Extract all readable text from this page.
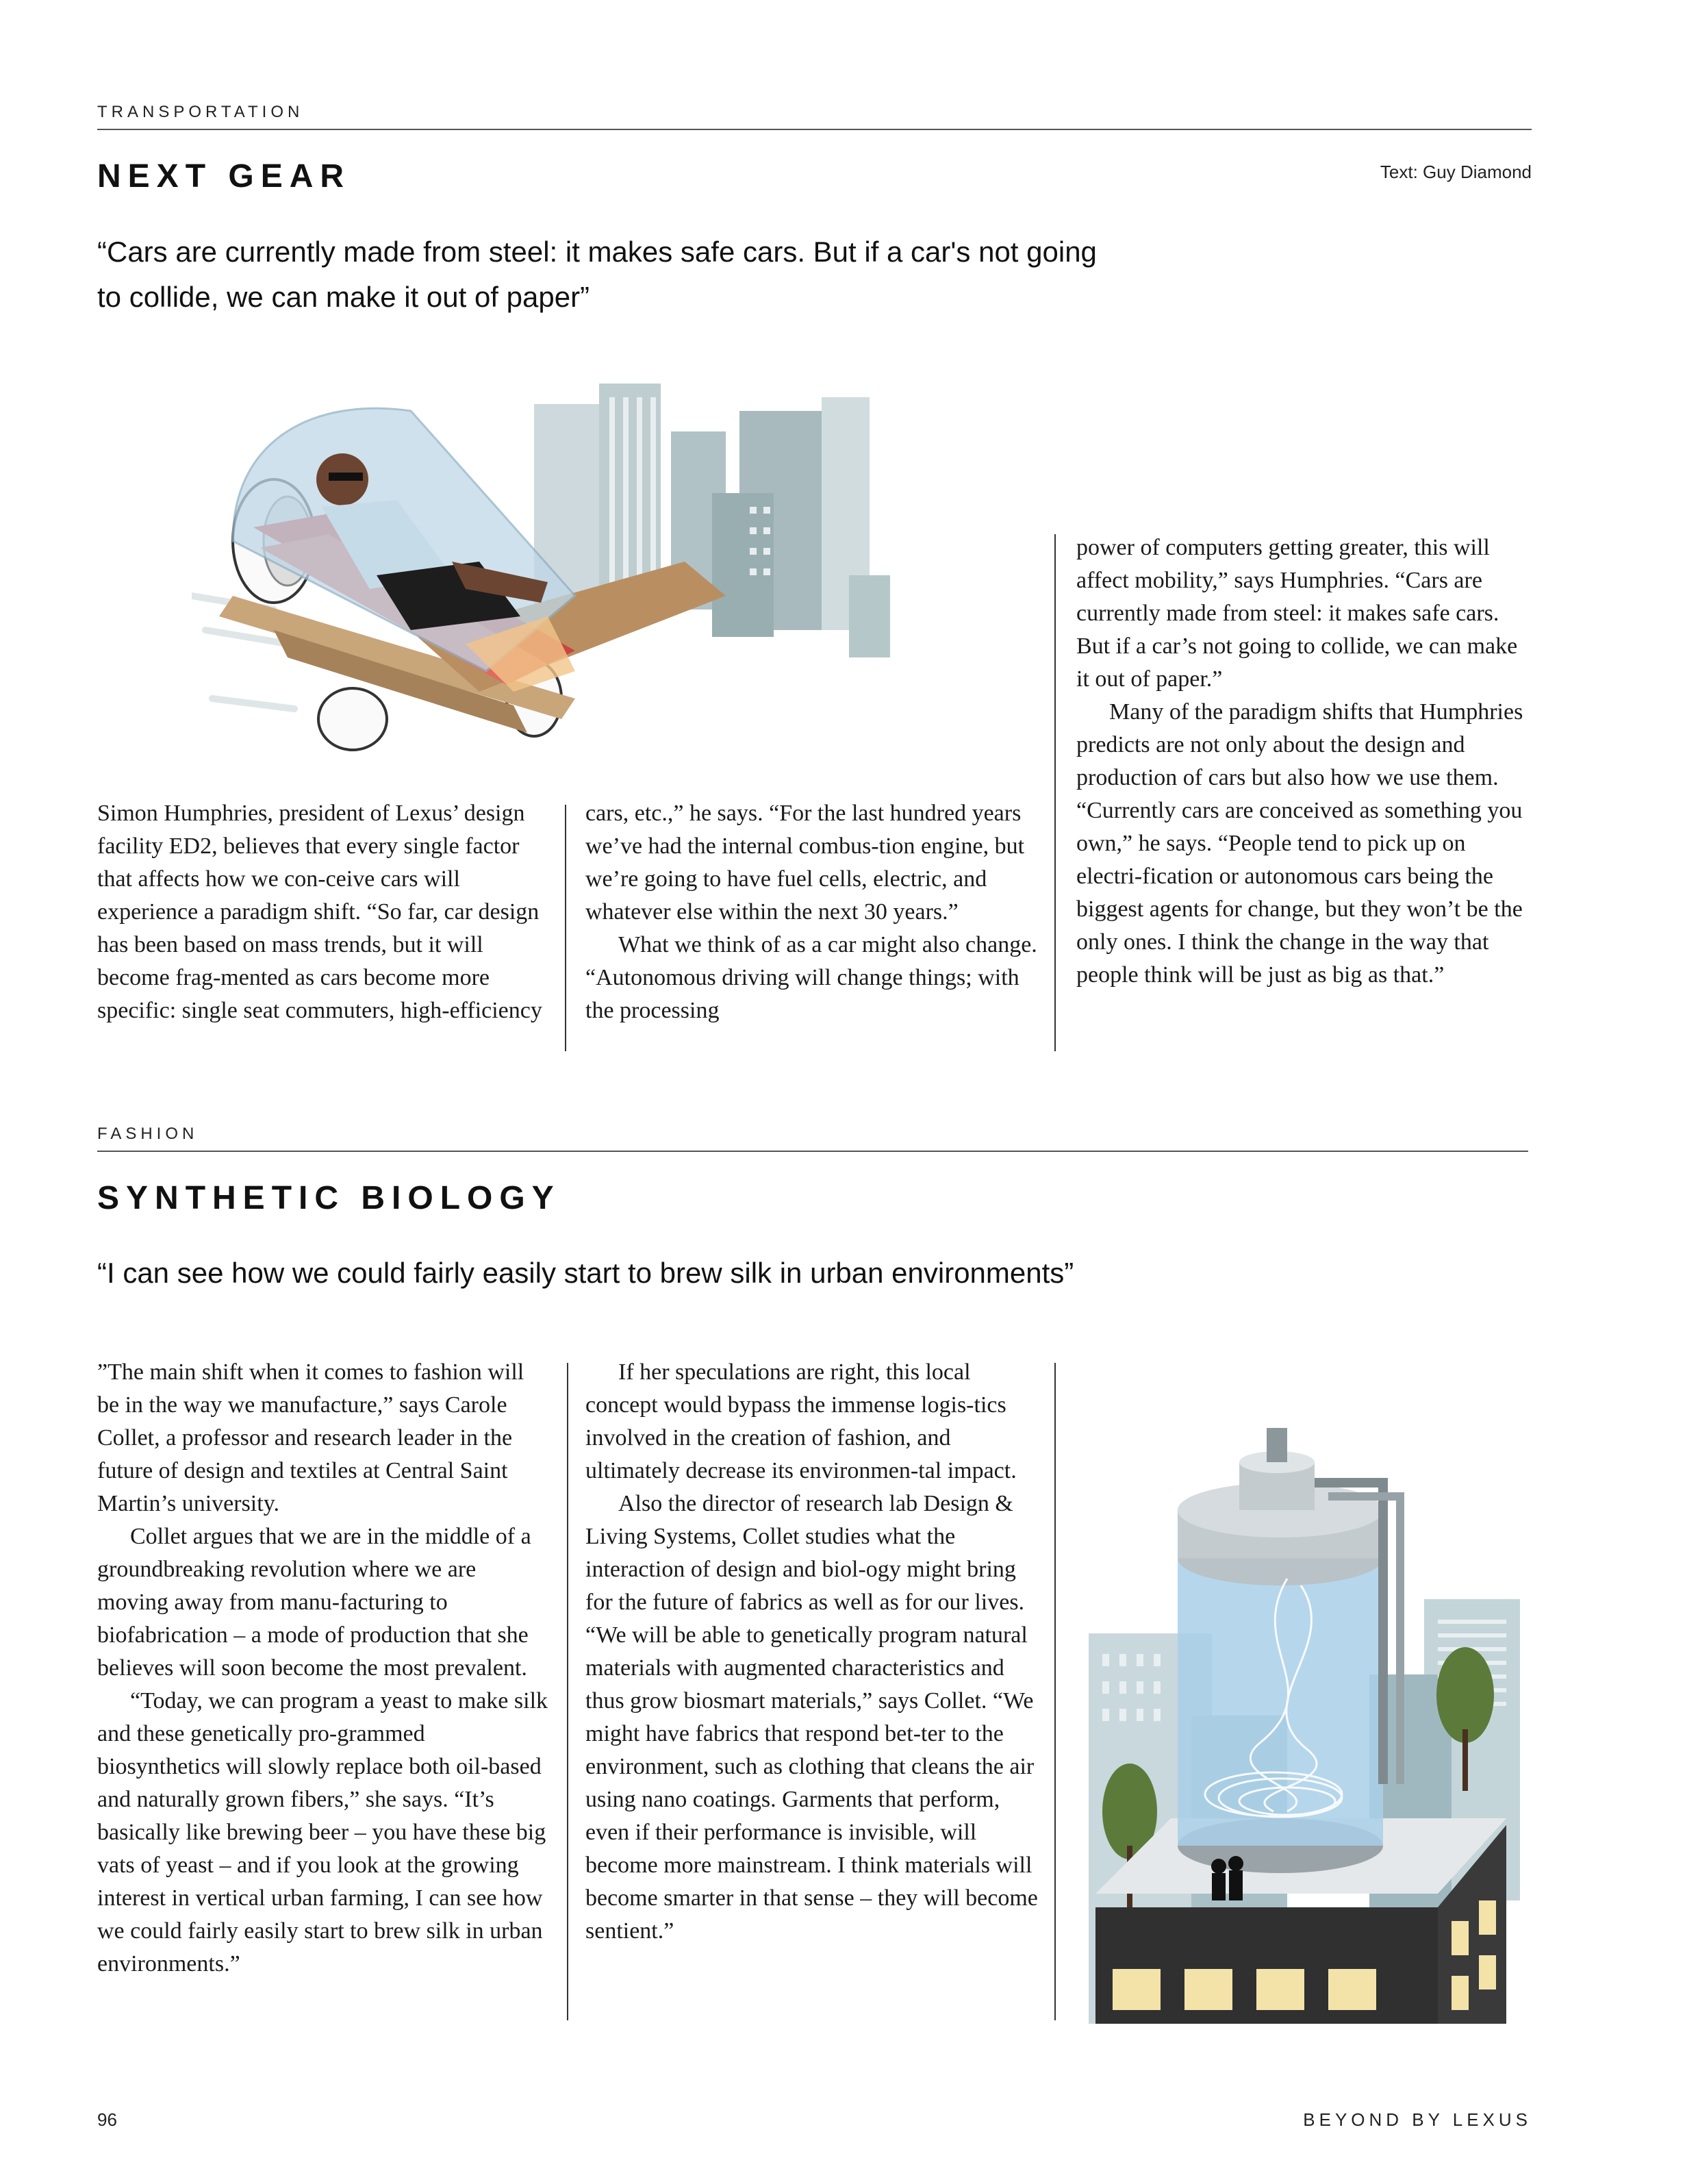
TRANSPORTATION
NEXT GEAR	Text: Guy Diamond
“Cars are currently made from steel: it makes safe cars. But if a car's not going to collide, we can make it out of paper”

Simon Humphries, president of Lexus’ design facility ED2, believes that every single factor that affects how we con-ceive cars will experience a paradigm shift. “So far, car design has been based on mass trends, but it will become frag-mented as cars become more specific: single seat commuters, high-efficiency

cars, etc.,” he says. “For the last hundred years we’ve had the internal combus-tion engine, but we’re going to have fuel cells, electric, and whatever else within the next 30 years.”

What we think of as a car might also change. “Autonomous driving will change things; with the processing

power of computers getting greater, this will affect mobility,” says Humphries. “Cars are currently made from steel: it makes safe cars. But if a car’s not going to collide, we can make it out of paper.”

Many of the paradigm shifts that Humphries predicts are not only about the design and production of cars but also how we use them. “Currently cars are conceived as something you own,” he says. “People tend to pick up on electri-fication or autonomous cars being the biggest agents for change, but they won’t be the only ones. I think the change in the way that people think will be just as big as that.”

FASHION
SYNTHETIC BIOLOGY
“I can see how we could fairly easily start to brew silk in urban environments”

”The main shift when it comes to fashion will be in the way we manufacture,” says Carole Collet, a professor and research leader in the future of design and textiles at Central Saint Martin’s university.

Collet argues that we are in the middle of a groundbreaking revolution where we are moving away from manu-facturing to biofabrication – a mode of production that she believes will soon become the most prevalent.

“Today, we can program a yeast to make silk and these genetically pro-grammed biosynthetics will slowly replace both oil-based and naturally grown fibers,” she says. “It’s basically like brewing beer – you have these big vats of yeast – and if you look at the growing interest in vertical urban farming, I can see how we could fairly easily start to brew silk in urban environments.”

If her speculations are right, this local concept would bypass the immense logis-tics involved in the creation of fashion, and ultimately decrease its environmen-tal impact.

Also the director of research lab Design & Living Systems, Collet studies what the interaction of design and biol-ogy might bring for the future of fabrics as well as for our lives. “We will be able to genetically program natural materials with augmented characteristics and thus grow biosmart materials,” says Collet. “We might have fabrics that respond bet-ter to the environment, such as clothing that cleans the air using nano coatings. Garments that perform, even if their performance is invisible, will become more mainstream. I think materials will become smarter in that sense – they will become sentient.”

96	BEYOND BY LEXUS
